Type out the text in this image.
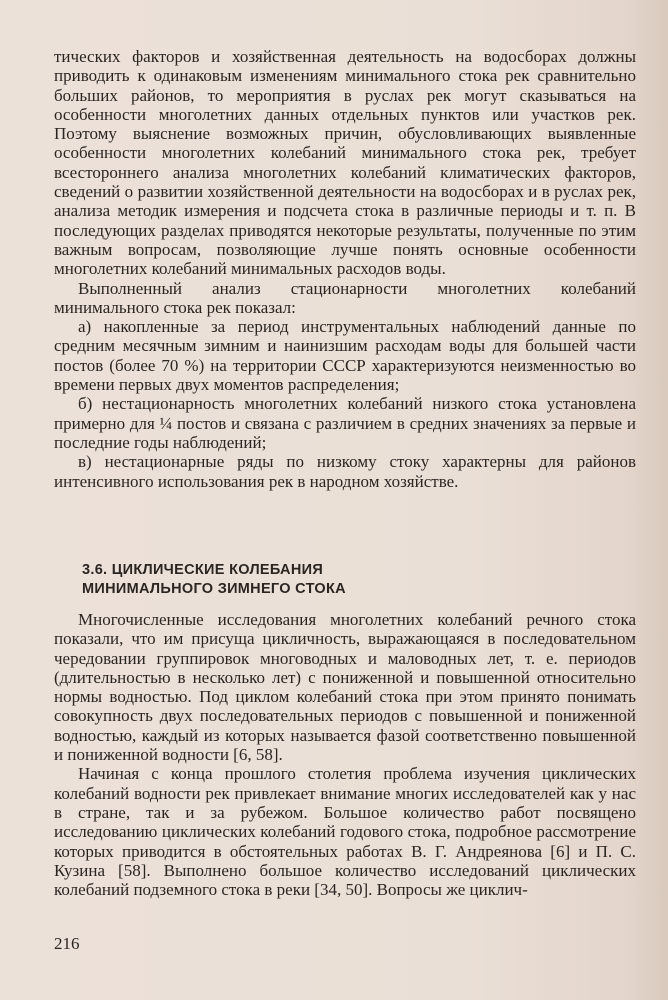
тических факторов и хозяйственная деятельность на водосборах должны приводить к одинаковым изменениям минимального стока рек сравнительно больших районов, то мероприятия в руслах рек могут сказываться на особенности многолетних данных отдельных пунктов или участков рек. Поэтому выяснение возможных причин, обусловливающих выявленные особенности многолетних колебаний минимального стока рек, требует всестороннего анализа многолетних колебаний климатических факторов, сведений о развитии хозяйственной деятельности на водосборах и в руслах рек, анализа методик измерения и подсчета стока в различные периоды и т. п. В последующих разделах приводятся некоторые результаты, полученные по этим важным вопросам, позволяющие лучше понять основные особенности многолетних колебаний минимальных расходов воды.

Выполненный анализ стационарности многолетних колебаний минимального стока рек показал:

а) накопленные за период инструментальных наблюдений данные по средним месячным зимним и наинизшим расходам воды для большей части постов (более 70 %) на территории СССР характеризуются неизменностью во времени первых двух моментов распределения;

б) нестационарность многолетних колебаний низкого стока установлена примерно для ¼ постов и связана с различием в средних значениях за первые и последние годы наблюдений;

в) нестационарные ряды по низкому стоку характерны для районов интенсивного использования рек в народном хозяйстве.

3.6. ЦИКЛИЧЕСКИЕ КОЛЕБАНИЯ
МИНИМАЛЬНОГО ЗИМНЕГО СТОКА

Многочисленные исследования многолетних колебаний речного стока показали, что им присуща цикличность, выражающаяся в последовательном чередовании группировок многоводных и маловодных лет, т. е. периодов (длительностью в несколько лет) с пониженной и повышенной относительно нормы водностью. Под циклом колебаний стока при этом принято понимать совокупность двух последовательных периодов с повышенной и пониженной водностью, каждый из которых называется фазой соответственно повышенной и пониженной водности [6, 58].

Начиная с конца прошлого столетия проблема изучения циклических колебаний водности рек привлекает внимание многих исследователей как у нас в стране, так и за рубежом. Большое количество работ посвящено исследованию циклических колебаний годового стока, подробное рассмотрение которых приводится в обстоятельных работах В. Г. Андреянова [6] и П. С. Кузина [58]. Выполнено большое количество исследований циклических колебаний подземного стока в реки [34, 50]. Вопросы же циклич-

216
